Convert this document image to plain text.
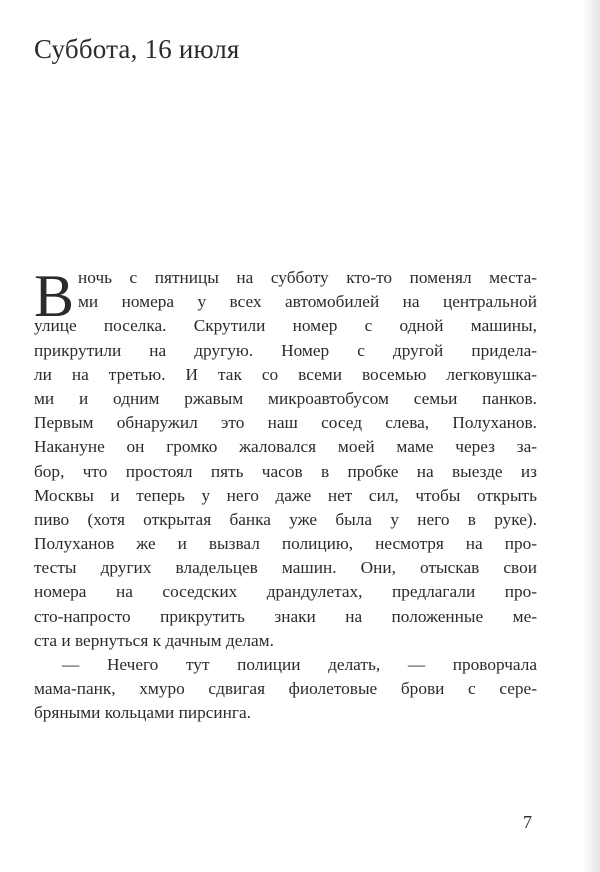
Суббота, 16 июля
В ночь с пятницы на субботу кто-то поменял места-
ми номера у всех автомобилей на центральной
улице поселка. Скрутили номер с одной машины,
прикрутили на другую. Номер с другой придела-
ли на третью. И так со всеми восемью легковушка-
ми и одним ржавым микроавтобусом семьи панков.
Первым обнаружил это наш сосед слева, Полуханов.
Накануне он громко жаловался моей маме через за-
бор, что простоял пять часов в пробке на выезде из
Москвы и теперь у него даже нет сил, чтобы открыть
пиво (хотя открытая банка уже была у него в руке).
Полуханов же и вызвал полицию, несмотря на про-
тесты других владельцев машин. Они, отыскав свои
номера на соседских драндулетах, предлагали про-
сто-напросто прикрутить знаки на положенные ме-
ста и вернуться к дачным делам.
— Нечего тут полиции делать, — проворчала
мама-панк, хмуро сдвигая фиолетовые брови с сере-
бряными кольцами пирсинга.
7
